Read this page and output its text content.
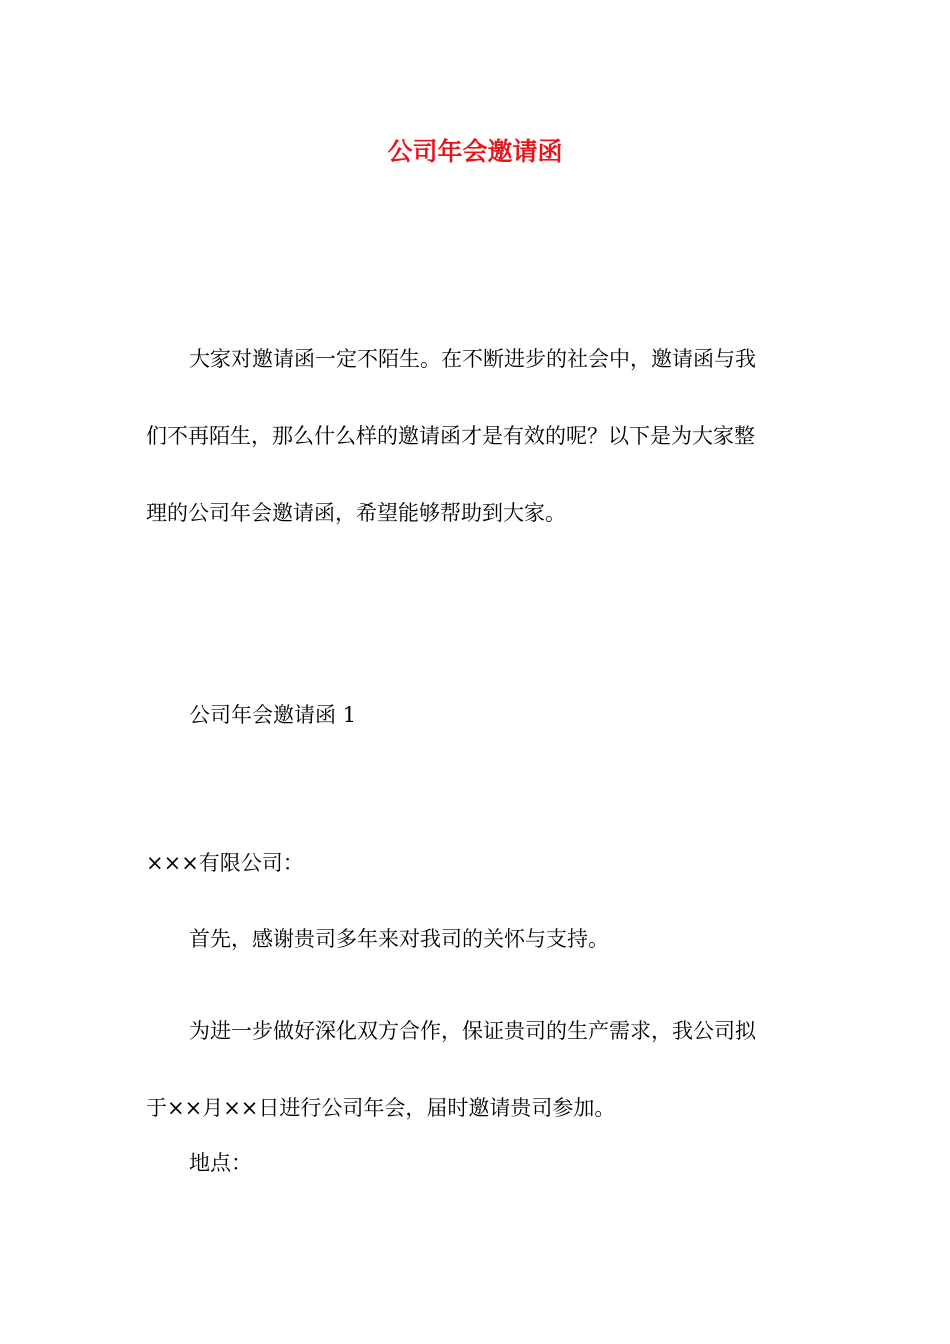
公司年会邀请函

大家对邀请函一定不陌生。在不断进步的社会中，邀请函与我
们不再陌生，那么什么样的邀请函才是有效的呢？以下是为大家整
理的公司年会邀请函，希望能够帮助到大家。

公司年会邀请函 1

×××有限公司：

首先，感谢贵司多年来对我司的关怀与支持。

为进一步做好深化双方合作，保证贵司的生产需求，我公司拟
于××月××日进行公司年会，届时邀请贵司参加。

地点：
